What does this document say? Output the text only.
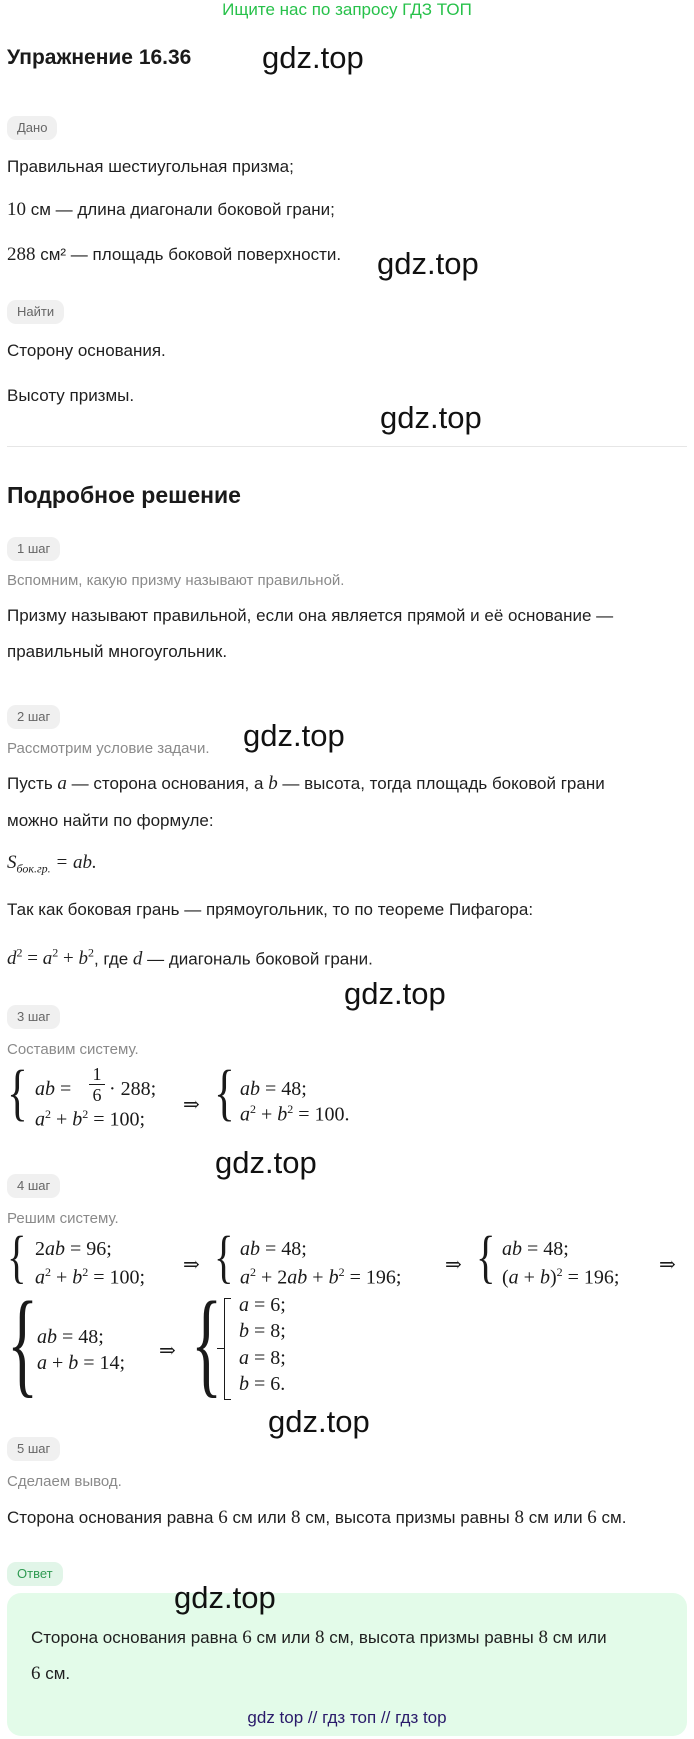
Ищите нас по запросу ГДЗ ТОП
Упражнение 16.36 gdz.top
gdz.top
gdz.top
gdz.top
gdz.top
gdz.top
gdz.top
Дано
Правильная шестиугольная призма;
10 см — длина диагонали боковой грани;
288 см² — площадь боковой поверхности.
Найти
Сторону основания.
Высоту призмы.
Подробное решение
1 шаг
Вспомним, какую призму называют правильной.
Призму называют правильной, если она является прямой и её основание —
правильный многоугольник.
2 шаг
Рассмотрим условие задачи.
Пусть a — сторона основания, а b — высота, тогда площадь боковой грани
можно найти по формуле:
$S_{бок.гр.}$ = ab.
Так как боковая грань — прямоугольник, то по теореме Пифагора:
$d^2 = a^2 + b^2$, где d — диагональ боковой грани.
3 шаг
Составим систему.
{ ab =
1
6 · 288;
$a^2 + b^2 = 100$;
⇒ { ab = 48;
$a^2 + b^2 = 100$.
4 шаг
Решим систему.
{ 2ab = 96;
$a^2 + b^2 = 100$;
⇒ { ab = 48;
$a^2 + 2ab + b^2 = 196$;
⇒ { ab = 48;
$(a + b)^2 = 196$;
⇒
{
ab = 48;
a + b = 14;
⇒ { a = 6;
b = 8;
a = 8;
b = 6.
5 шаг
Сделаем вывод.
Сторона основания равна 6 см или 8 см, высота призмы равны 8 см или 6 см.
Ответ
gdz.top
Сторона основания равна 6 см или 8 см, высота призмы равны 8 см или
6 см.
gdz top // гдз топ // гдз top
